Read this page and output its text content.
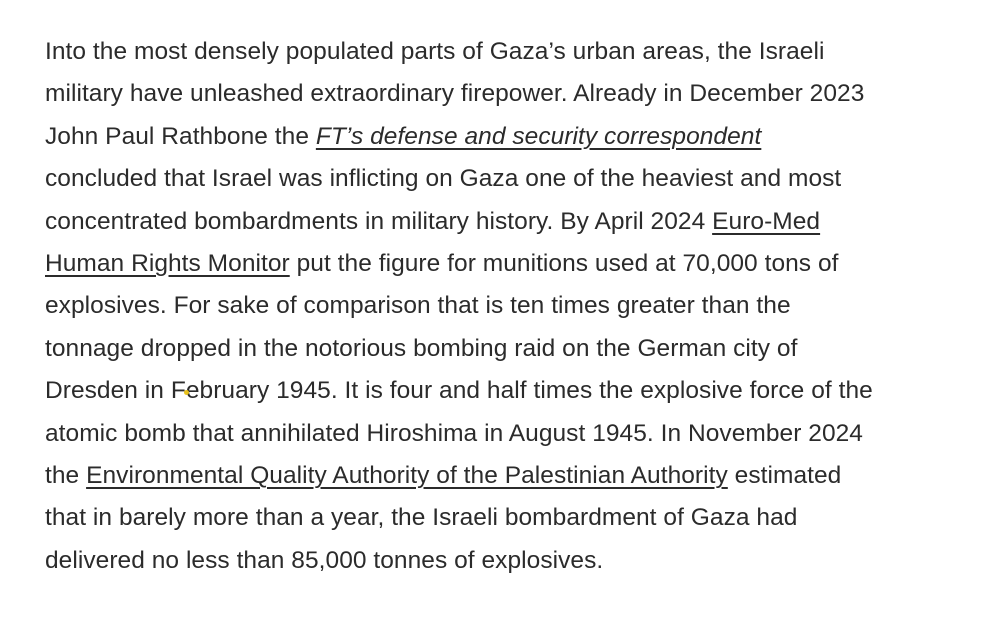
Into the most densely populated parts of Gaza’s urban areas, the Israeli
military have unleashed extraordinary firepower. Already in December 2023
John Paul Rathbone the FT’s defense and security correspondent
concluded that Israel was inflicting on Gaza one of the heaviest and most
concentrated bombardments in military history. By April 2024 Euro-Med
Human Rights Monitor put the figure for munitions used at 70,000 tons of
explosives. For sake of comparison that is ten times greater than the
tonnage dropped in the notorious bombing raid on the German city of
Dresden in February 1945. It is four and half times the explosive force of the
atomic bomb that annihilated Hiroshima in August 1945. In November 2024
the Environmental Quality Authority of the Palestinian Authority estimated
that in barely more than a year, the Israeli bombardment of Gaza had
delivered no less than 85,000 tonnes of explosives.
